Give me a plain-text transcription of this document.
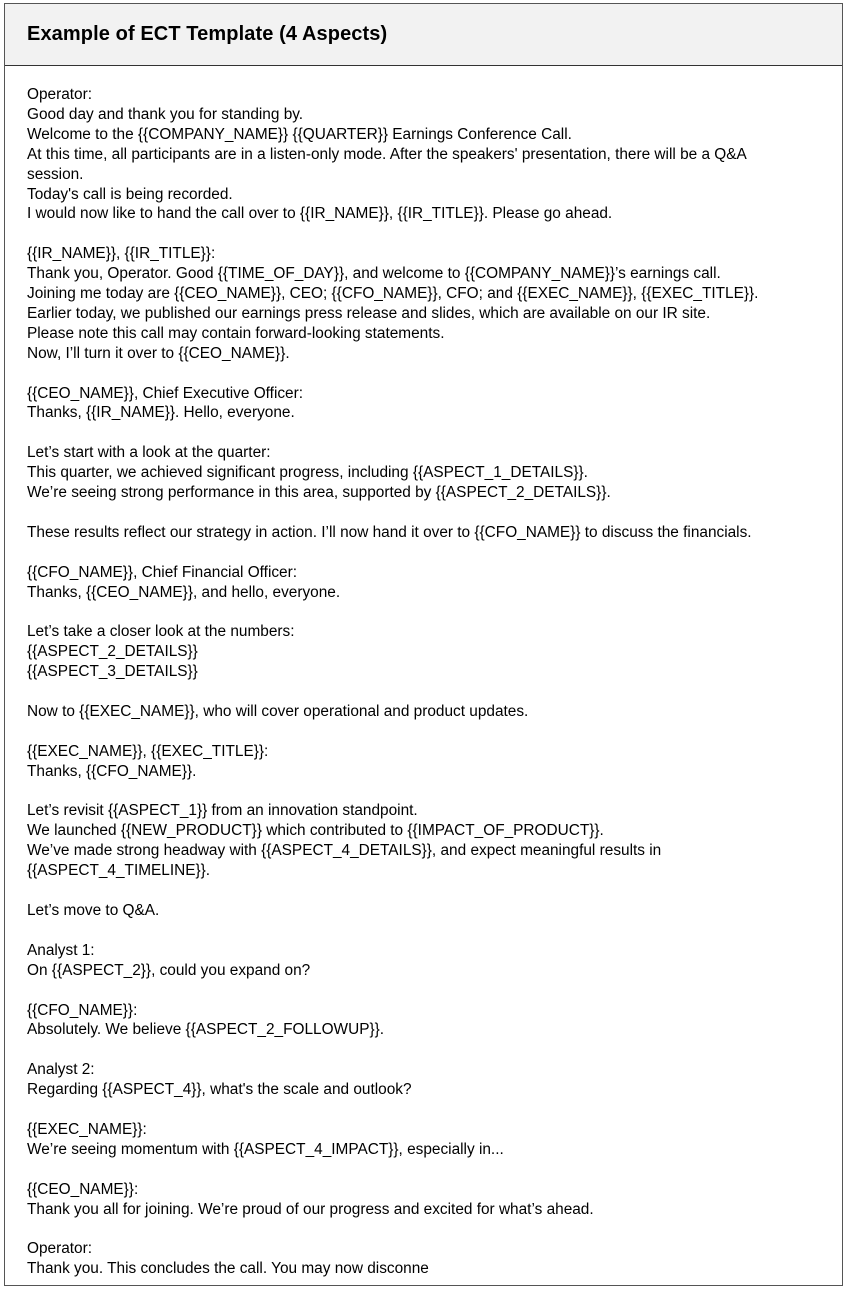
Example of ECT Template (4 Aspects)
Operator:
Good day and thank you for standing by.
Welcome to the {{COMPANY_NAME}} {{QUARTER}} Earnings Conference Call.
At this time, all participants are in a listen-only mode. After the speakers' presentation, there will be a Q&A
session.
Today's call is being recorded.
I would now like to hand the call over to {{IR_NAME}}, {{IR_TITLE}}. Please go ahead.
{{IR_NAME}}, {{IR_TITLE}}:
Thank you, Operator. Good {{TIME_OF_DAY}}, and welcome to {{COMPANY_NAME}}’s earnings call.
Joining me today are {{CEO_NAME}}, CEO; {{CFO_NAME}}, CFO; and {{EXEC_NAME}}, {{EXEC_TITLE}}.
Earlier today, we published our earnings press release and slides, which are available on our IR site.
Please note this call may contain forward-looking statements.
Now, I’ll turn it over to {{CEO_NAME}}.
{{CEO_NAME}}, Chief Executive Officer:
Thanks, {{IR_NAME}}. Hello, everyone.
Let’s start with a look at the quarter:
This quarter, we achieved significant progress, including {{ASPECT_1_DETAILS}}.
We’re seeing strong performance in this area, supported by {{ASPECT_2_DETAILS}}.
These results reflect our strategy in action. I’ll now hand it over to {{CFO_NAME}} to discuss the financials.
{{CFO_NAME}}, Chief Financial Officer:
Thanks, {{CEO_NAME}}, and hello, everyone.
Let’s take a closer look at the numbers:
{{ASPECT_2_DETAILS}}
{{ASPECT_3_DETAILS}}
Now to {{EXEC_NAME}}, who will cover operational and product updates.
{{EXEC_NAME}}, {{EXEC_TITLE}}:
Thanks, {{CFO_NAME}}.
Let’s revisit {{ASPECT_1}} from an innovation standpoint.
We launched {{NEW_PRODUCT}} which contributed to {{IMPACT_OF_PRODUCT}}.
We’ve made strong headway with {{ASPECT_4_DETAILS}}, and expect meaningful results in
{{ASPECT_4_TIMELINE}}.
Let’s move to Q&A.
Analyst 1:
On {{ASPECT_2}}, could you expand on?
{{CFO_NAME}}:
Absolutely. We believe {{ASPECT_2_FOLLOWUP}}.
Analyst 2:
Regarding {{ASPECT_4}}, what's the scale and outlook?
{{EXEC_NAME}}:
We’re seeing momentum with {{ASPECT_4_IMPACT}}, especially in...
{{CEO_NAME}}:
Thank you all for joining. We’re proud of our progress and excited for what’s ahead.
Operator:
Thank you. This concludes the call. You may now disconne
